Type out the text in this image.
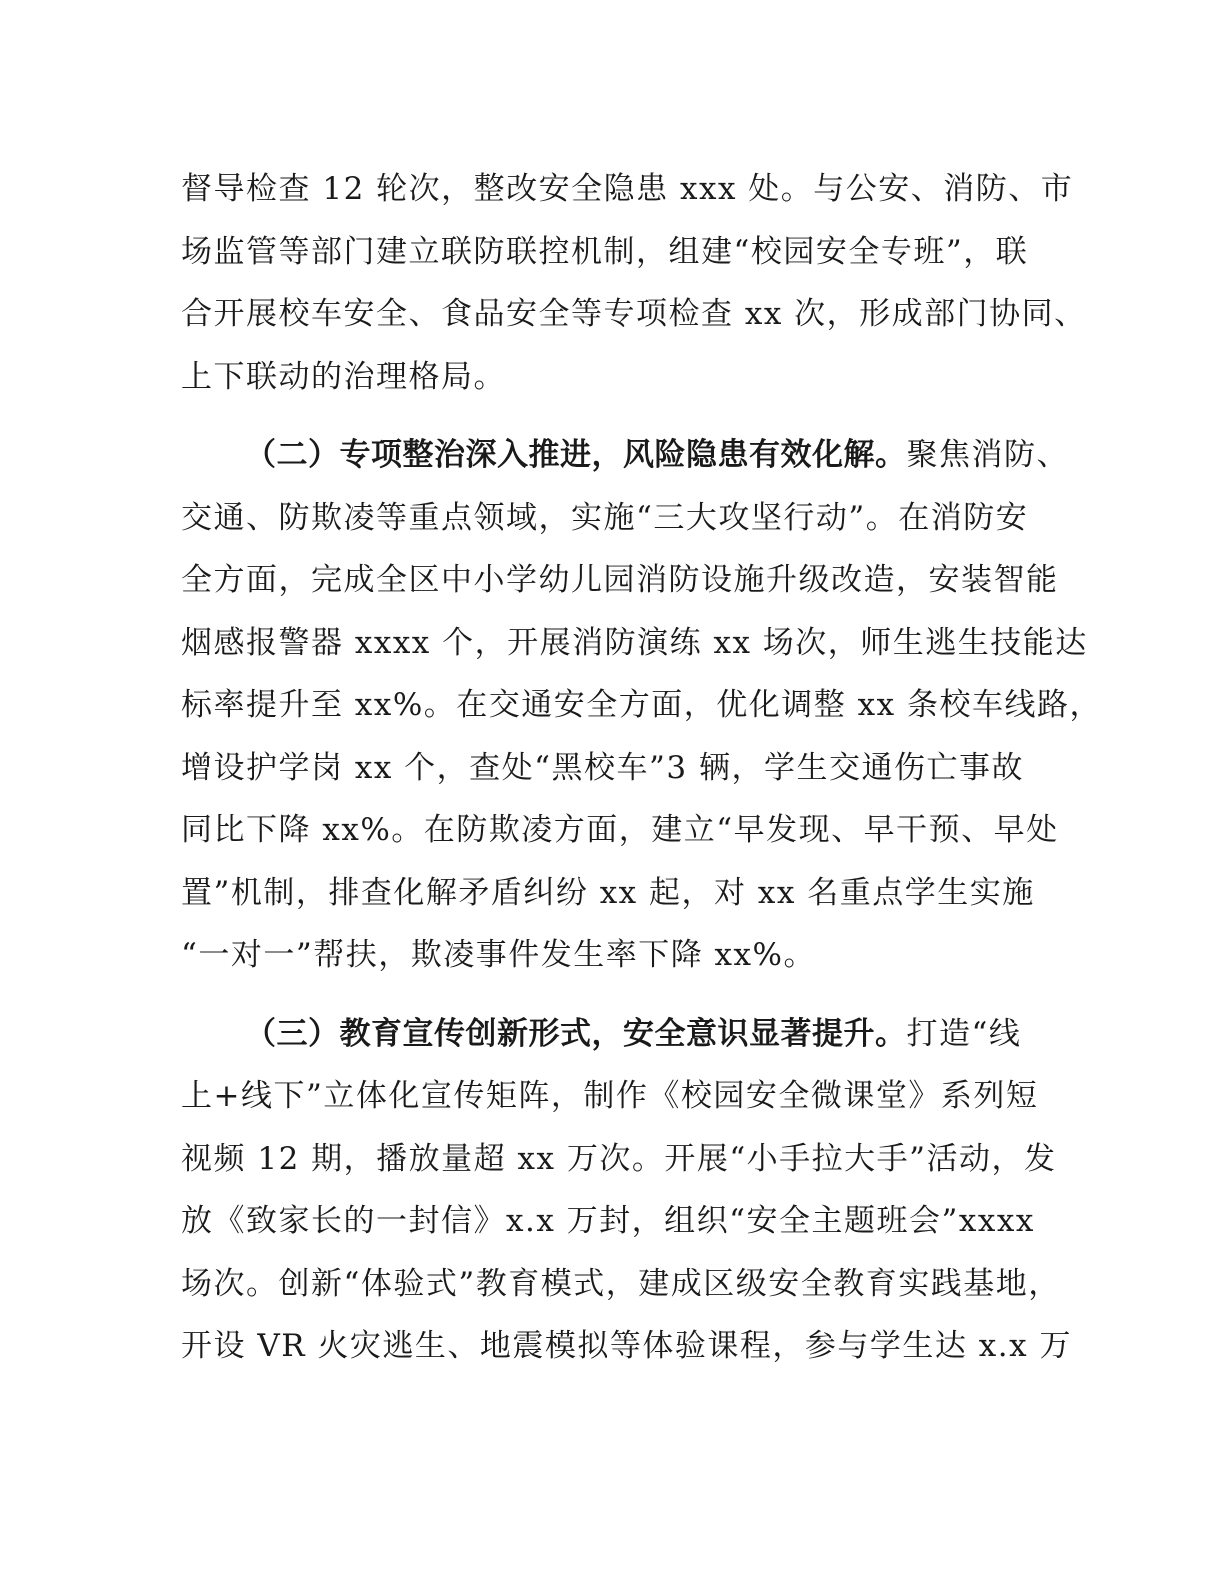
督导检查 12 轮次，整改安全隐患 xxx 处。与公安、消防、市
场监管等部门建立联防联控机制，组建“校园安全专班”，联
合开展校车安全、食品安全等专项检查 xx 次，形成部门协同、
上下联动的治理格局。

（二）专项整治深入推进，风险隐患有效化解。聚焦消防、
交通、防欺凌等重点领域，实施“三大攻坚行动”。在消防安
全方面，完成全区中小学幼儿园消防设施升级改造，安装智能
烟感报警器 xxxx 个，开展消防演练 xx 场次，师生逃生技能达
标率提升至 xx%。在交通安全方面，优化调整 xx 条校车线路，
增设护学岗 xx 个，查处“黑校车”3 辆，学生交通伤亡事故
同比下降 xx%。在防欺凌方面，建立“早发现、早干预、早处
置”机制，排查化解矛盾纠纷 xx 起，对 xx 名重点学生实施
“一对一”帮扶，欺凌事件发生率下降 xx%。

（三）教育宣传创新形式，安全意识显著提升。打造“线
上+线下”立体化宣传矩阵，制作《校园安全微课堂》系列短
视频 12 期，播放量超 xx 万次。开展“小手拉大手”活动，发
放《致家长的一封信》x.x 万封，组织“安全主题班会”xxxx
场次。创新“体验式”教育模式，建成区级安全教育实践基地，
开设 VR 火灾逃生、地震模拟等体验课程，参与学生达 x.x 万
